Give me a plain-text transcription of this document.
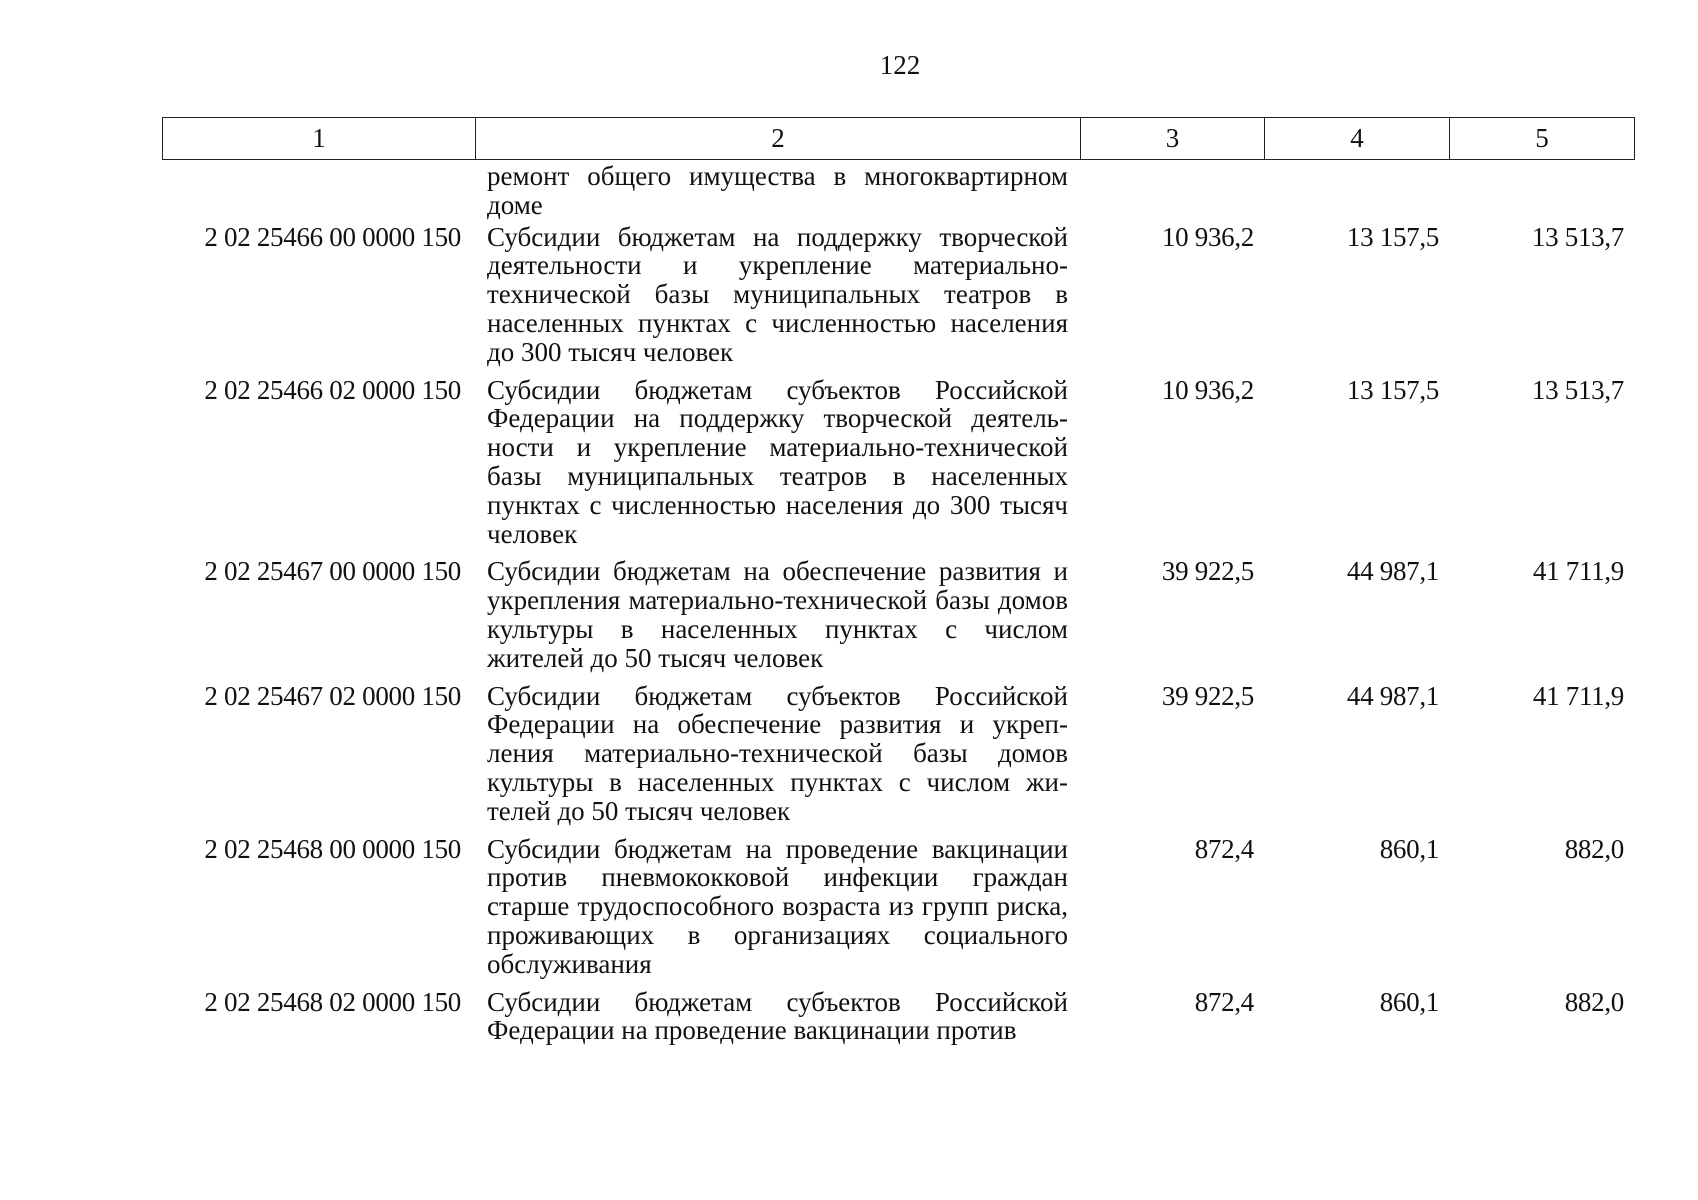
122
1	2	3	4	5
	ремонт общего имущества в многоквартирном доме			
2 02 25466 00 0000 150	Субсидии бюджетам на поддержку творческой деятельности и укрепление материально-технической базы муниципальных театров в населенных пунктах с численностью населения до 300 тысяч человек	10 936,2	13 157,5	13 513,7
2 02 25466 02 0000 150	Субсидии бюджетам субъектов Российской Федерации на поддержку творческой деятельности и укрепление материально-технической базы муниципальных театров в населенных пунктах с численностью населения до 300 тысяч человек	10 936,2	13 157,5	13 513,7
2 02 25467 00 0000 150	Субсидии бюджетам на обеспечение развития и укрепления материально-технической базы домов культуры в населенных пунктах с числом жителей до 50 тысяч человек	39 922,5	44 987,1	41 711,9
2 02 25467 02 0000 150	Субсидии бюджетам субъектов Российской Федерации на обеспечение развития и укрепления материально-технической базы домов культуры в населенных пунктах с числом жителей до 50 тысяч человек	39 922,5	44 987,1	41 711,9
2 02 25468 00 0000 150	Субсидии бюджетам на проведение вакцинации против пневмококковой инфекции граждан старше трудоспособного возраста из групп риска, проживающих в организациях социального обслуживания	872,4	860,1	882,0
2 02 25468 02 0000 150	Субсидии бюджетам субъектов Российской Федерации на проведение вакцинации против	872,4	860,1	882,0
